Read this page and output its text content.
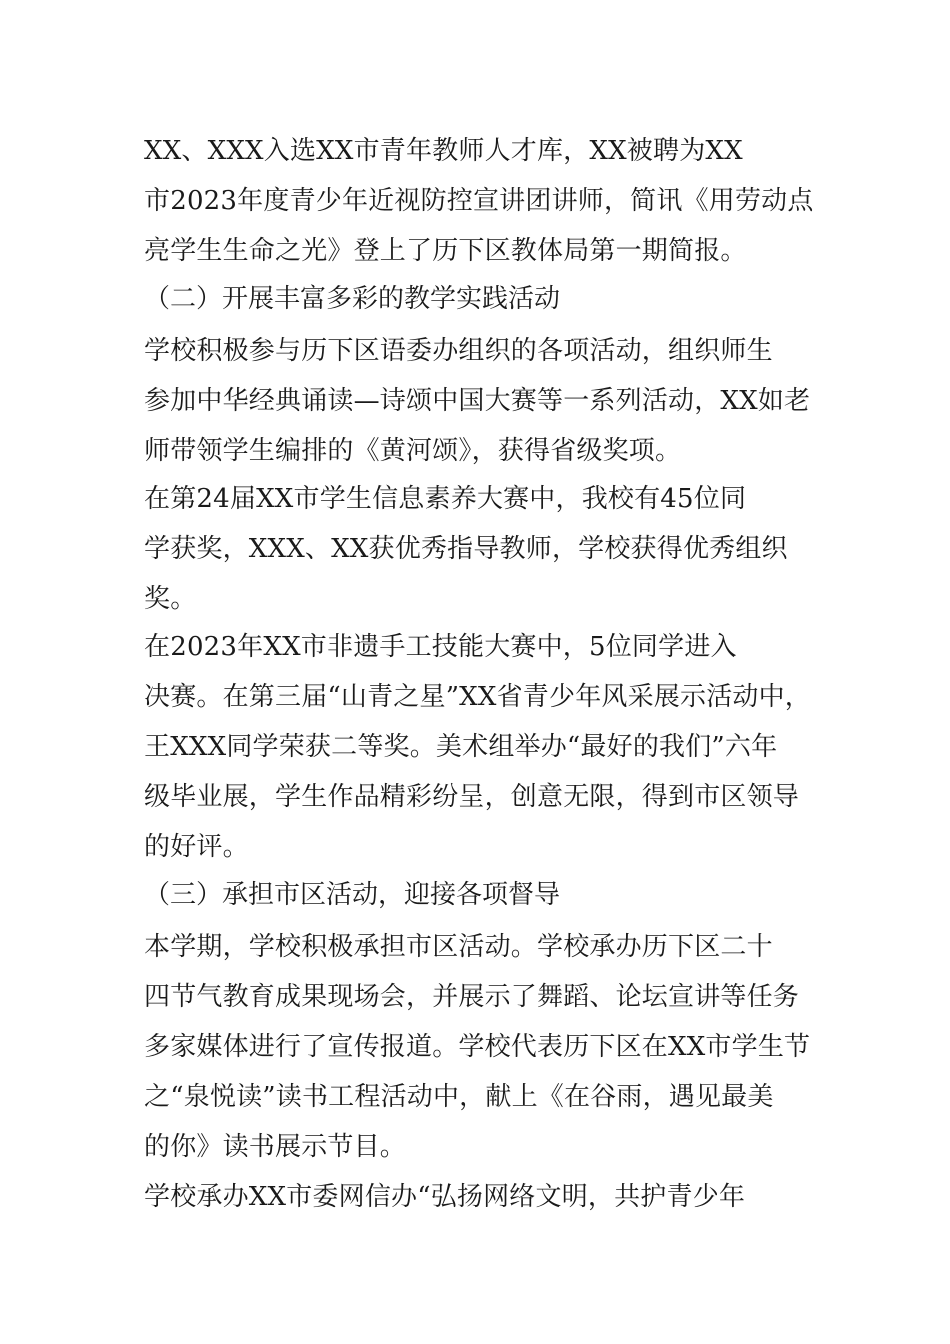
XX、XXX入选XX市青年教师人才库，XX被聘为XX
市2023年度青少年近视防控宣讲团讲师，简讯《用劳动点
亮学生生命之光》登上了历下区教体局第一期简报。

（二）开展丰富多彩的教学实践活动

学校积极参与历下区语委办组织的各项活动，组织师生
参加中华经典诵读—诗颂中国大赛等一系列活动，XX如老
师带领学生编排的《黄河颂》，获得省级奖项。

在第24届XX市学生信息素养大赛中，我校有45位同
学获奖，XXX、XX获优秀指导教师，学校获得优秀组织奖。

在2023年XX市非遗手工技能大赛中，5位同学进入
决赛。在第三届“山青之星”XX省青少年风采展示活动中，
王XXX同学荣获二等奖。美术组举办“最好的我们”六年
级毕业展，学生作品精彩纷呈，创意无限，得到市区领导
的好评。

（三）承担市区活动，迎接各项督导

本学期，学校积极承担市区活动。学校承办历下区二十
四节气教育成果现场会，并展示了舞蹈、论坛宣讲等任务
多家媒体进行了宣传报道。学校代表历下区在XX市学生节
之“泉悦读”读书工程活动中，献上《在谷雨，遇见最美
的你》读书展示节目。

学校承办XX市委网信办“弘扬网络文明，共护青少年
